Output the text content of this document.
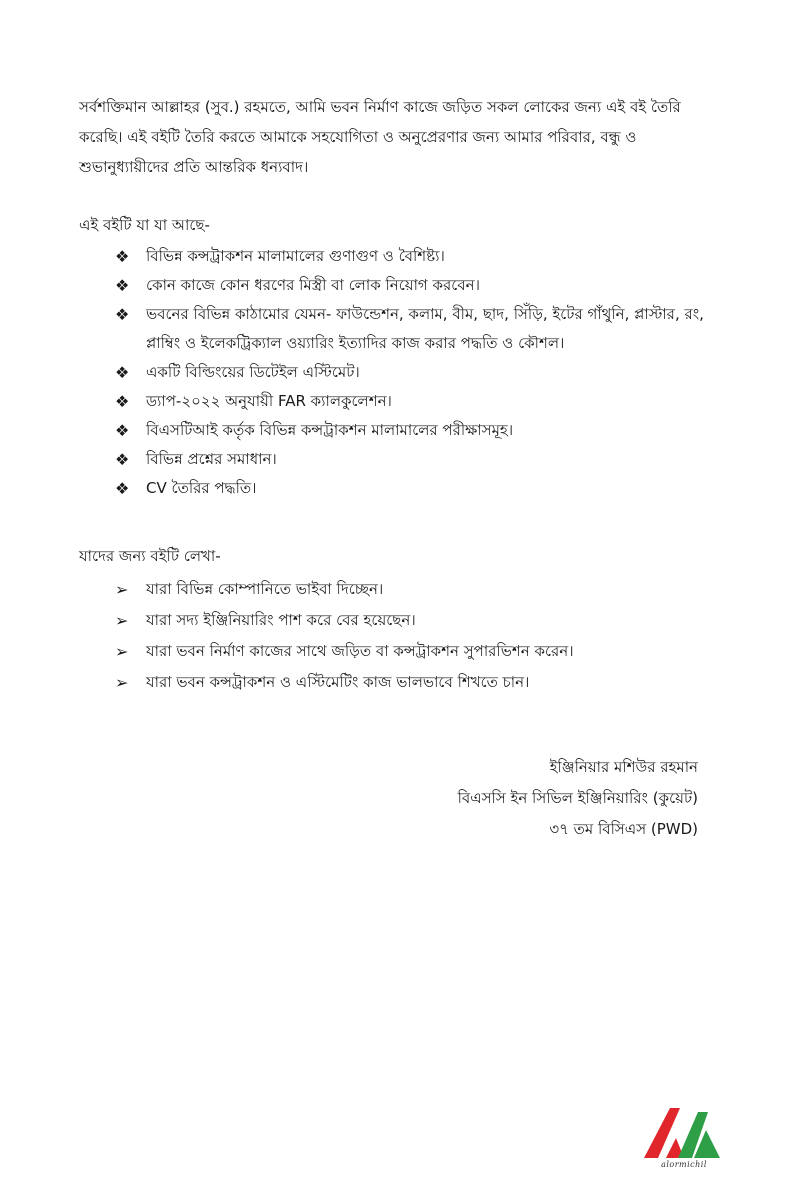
সর্বশক্তিমান আল্লাহর (সুব.) রহমতে, আমি ভবন নির্মাণ কাজে জড়িত সকল লোকের জন্য এই বই তৈরি করেছি। এই বইটি তৈরি করতে আমাকে সহযোগিতা ও অনুপ্রেরণার জন্য আমার পরিবার, বন্ধু ও শুভানুধ্যায়ীদের প্রতি আন্তরিক ধন্যবাদ।

এই বইটি যা যা আছে-

❖	বিভিন্ন কন্সট্রাকশন মালামালের গুণাগুণ ও বৈশিষ্ট্য।
❖	কোন কাজে কোন ধরণের মিস্ত্রী বা লোক নিয়োগ করবেন।
❖	ভবনের বিভিন্ন কাঠামোর যেমন- ফাউন্ডেশন, কলাম, বীম, ছাদ, সিঁড়ি, ইটের গাঁথুনি, প্লাস্টার, রং, প্লাম্বিং ও ইলেকট্রিক্যাল ওয়্যারিং ইত্যাদির কাজ করার পদ্ধতি ও কৌশল।
❖	একটি বিল্ডিংয়ের ডিটেইল এস্টিমেট।
❖	ড্যাপ-২০২২ অনুযায়ী FAR ক্যালকুলেশন।
❖	বিএসটিআই কর্তৃক বিভিন্ন কন্সট্রাকশন মালামালের পরীক্ষাসমূহ।
❖	বিভিন্ন প্রশ্নের সমাধান।
❖	CV তৈরির পদ্ধতি।

যাদের জন্য বইটি লেখা-

➢	যারা বিভিন্ন কোম্পানিতে ভাইবা দিচ্ছেন।
➢	যারা সদ্য ইঞ্জিনিয়ারিং পাশ করে বের হয়েছেন।
➢	যারা ভবন নির্মাণ কাজের সাথে জড়িত বা কন্সট্রাকশন সুপারভিশন করেন।
➢	যারা ভবন কন্সট্রাকশন ও এস্টিমেটিং কাজ ভালভাবে শিখতে চান।
ইঞ্জিনিয়ার মশিউর রহমান
বিএসসি ইন সিভিল ইঞ্জিনিয়ারিং (কুয়েট)
৩৭ তম বিসিএস (PWD)
alormichil
